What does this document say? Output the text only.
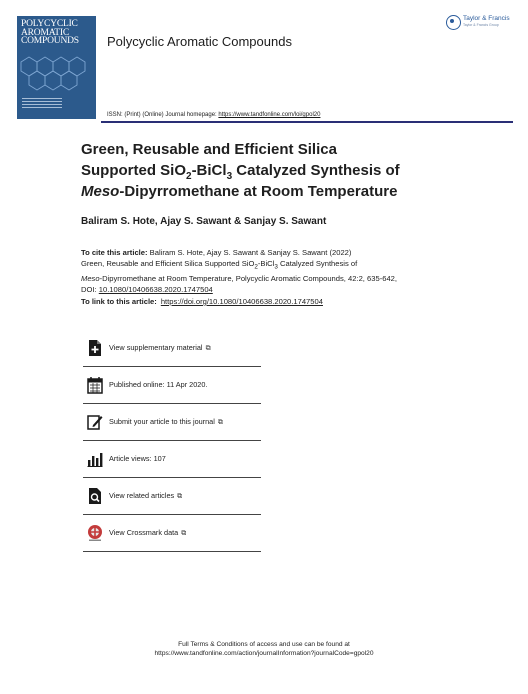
POLYCYCLIC
AROMATIC
COMPOUNDS	Polycyclic Aromatic Compounds
Taylor & Francis
Taylor & Francis Group
ISSN: (Print) (Online) Journal homepage: https://www.tandfonline.com/loi/gpol20
Green, Reusable and Efficient Silica
Supported SiO$_2$-BiCl$_3$ Catalyzed Synthesis of
Meso-Dipyrromethane at Room Temperature
Baliram S. Hote, Ajay S. Sawant & Sanjay S. Sawant
To cite this article: Baliram S. Hote, Ajay S. Sawant & Sanjay S. Sawant (2022)
Green, Reusable and Efficient Silica Supported SiO$_2$-BiCl$_3$ Catalyzed Synthesis of
Meso-Dipyrromethane at Room Temperature, Polycyclic Aromatic Compounds, 42:2, 635-642,
DOI: 10.1080/10406638.2020.1747504
To link to this article: https://doi.org/10.1080/10406638.2020.1747504
View supplementary material ⧉
Published online: 11 Apr 2020.
Submit your article to this journal ⧉
Article views: 107
View related articles ⧉
View Crossmark data ⧉
Full Terms & Conditions of access and use can be found at
https://www.tandfonline.com/action/journalInformation?journalCode=gpol20
